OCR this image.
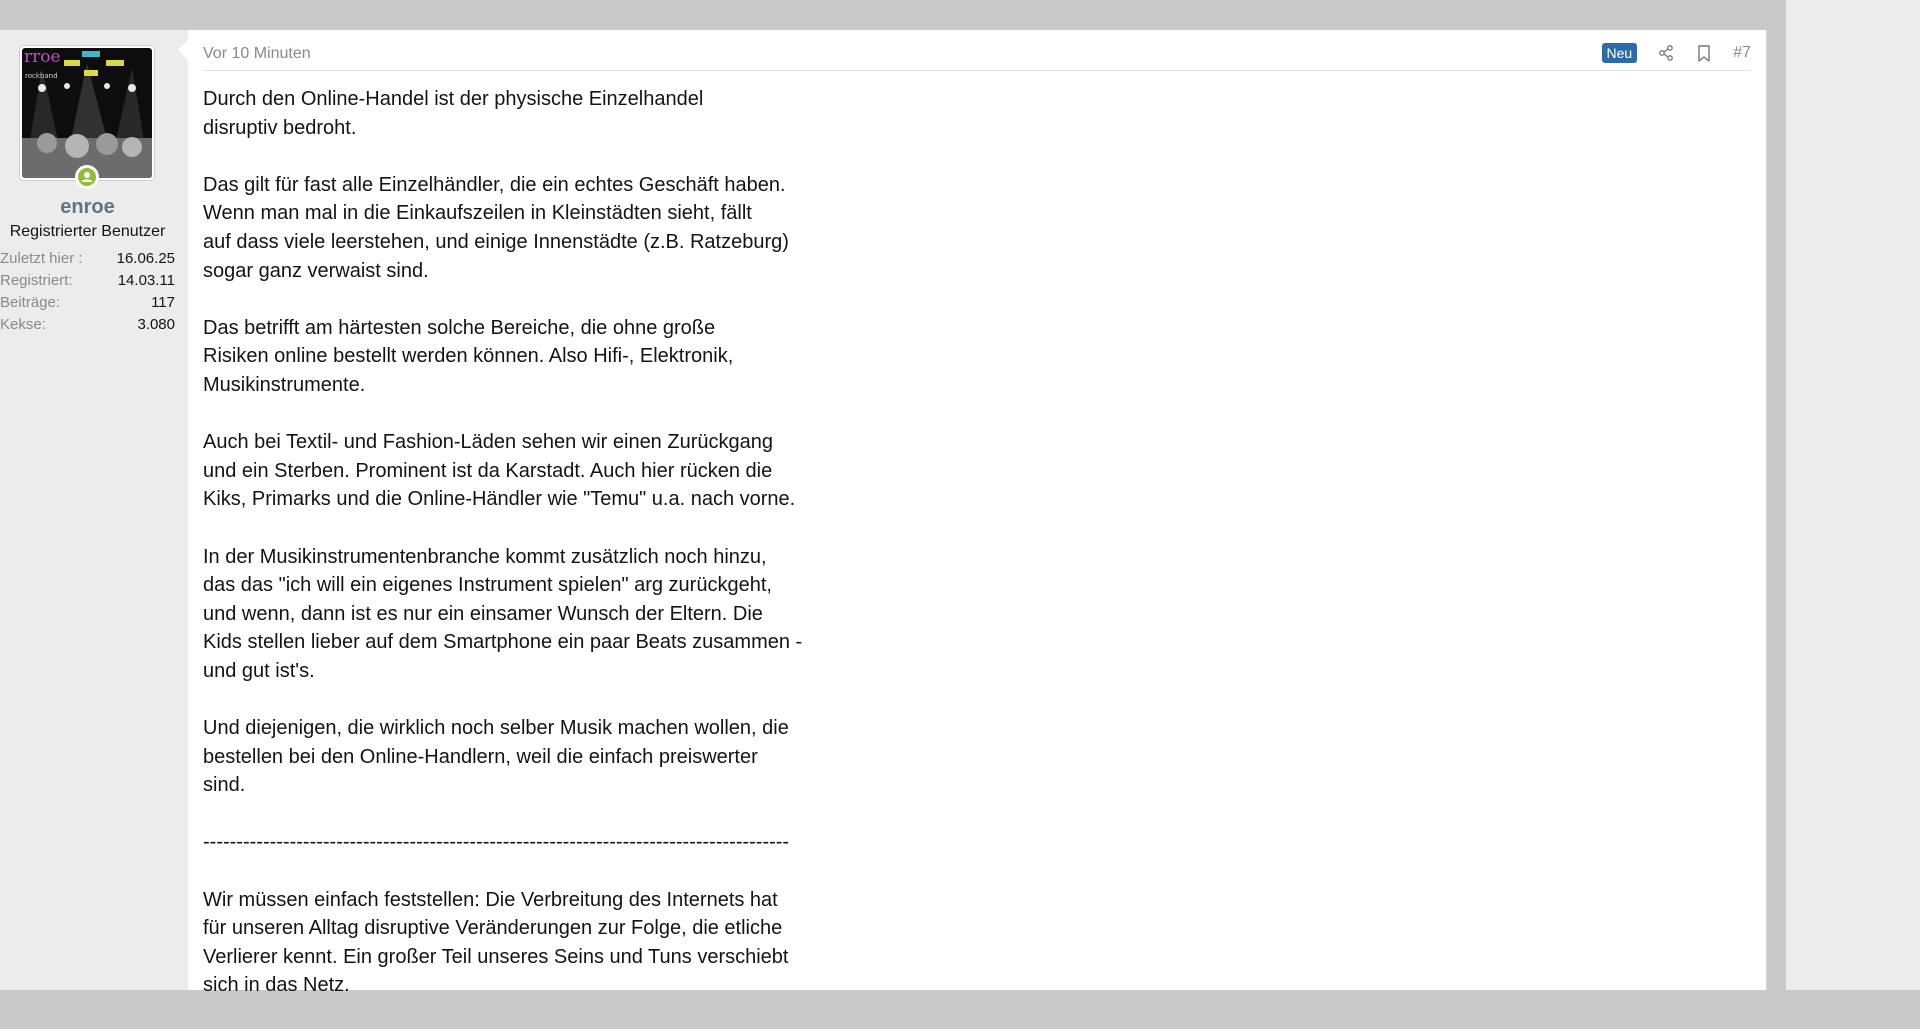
rroe
rockband
enroe
Registrierter Benutzer
Zuletzt hier : 16.06.25
Registriert:	14.03.11
Beiträge:	117
Kekse:	3.080
Vor 10 Minuten	Neu	#7
Durch den Online-Handel ist der physische Einzelhandel
disruptiv bedroht.
Das gilt für fast alle Einzelhändler, die ein echtes Geschäft haben.
Wenn man mal in die Einkaufszeilen in Kleinstädten sieht, fällt
auf dass viele leerstehen, und einige Innenstädte (z.B. Ratzeburg)
sogar ganz verwaist sind.
Das betrifft am härtesten solche Bereiche, die ohne große
Risiken online bestellt werden können. Also Hifi-, Elektronik,
Musikinstrumente.
Auch bei Textil- und Fashion-Läden sehen wir einen Zurückgang
und ein Sterben. Prominent ist da Karstadt. Auch hier rücken die
Kiks, Primarks und die Online-Händler wie "Temu" u.a. nach vorne.
In der Musikinstrumentenbranche kommt zusätzlich noch hinzu,
das das "ich will ein eigenes Instrument spielen" arg zurückgeht,
und wenn, dann ist es nur ein einsamer Wunsch der Eltern. Die
Kids stellen lieber auf dem Smartphone ein paar Beats zusammen -
und gut ist's.
Und diejenigen, die wirklich noch selber Musik machen wollen, die
bestellen bei den Online-Handlern, weil die einfach preiswerter
sind.
----------------------------------------------------------------------------------------
Wir müssen einfach feststellen: Die Verbreitung des Internets hat
für unseren Alltag disruptive Veränderungen zur Folge, die etliche
Verlierer kennt. Ein großer Teil unseres Seins und Tuns verschiebt
sich in das Netz.
